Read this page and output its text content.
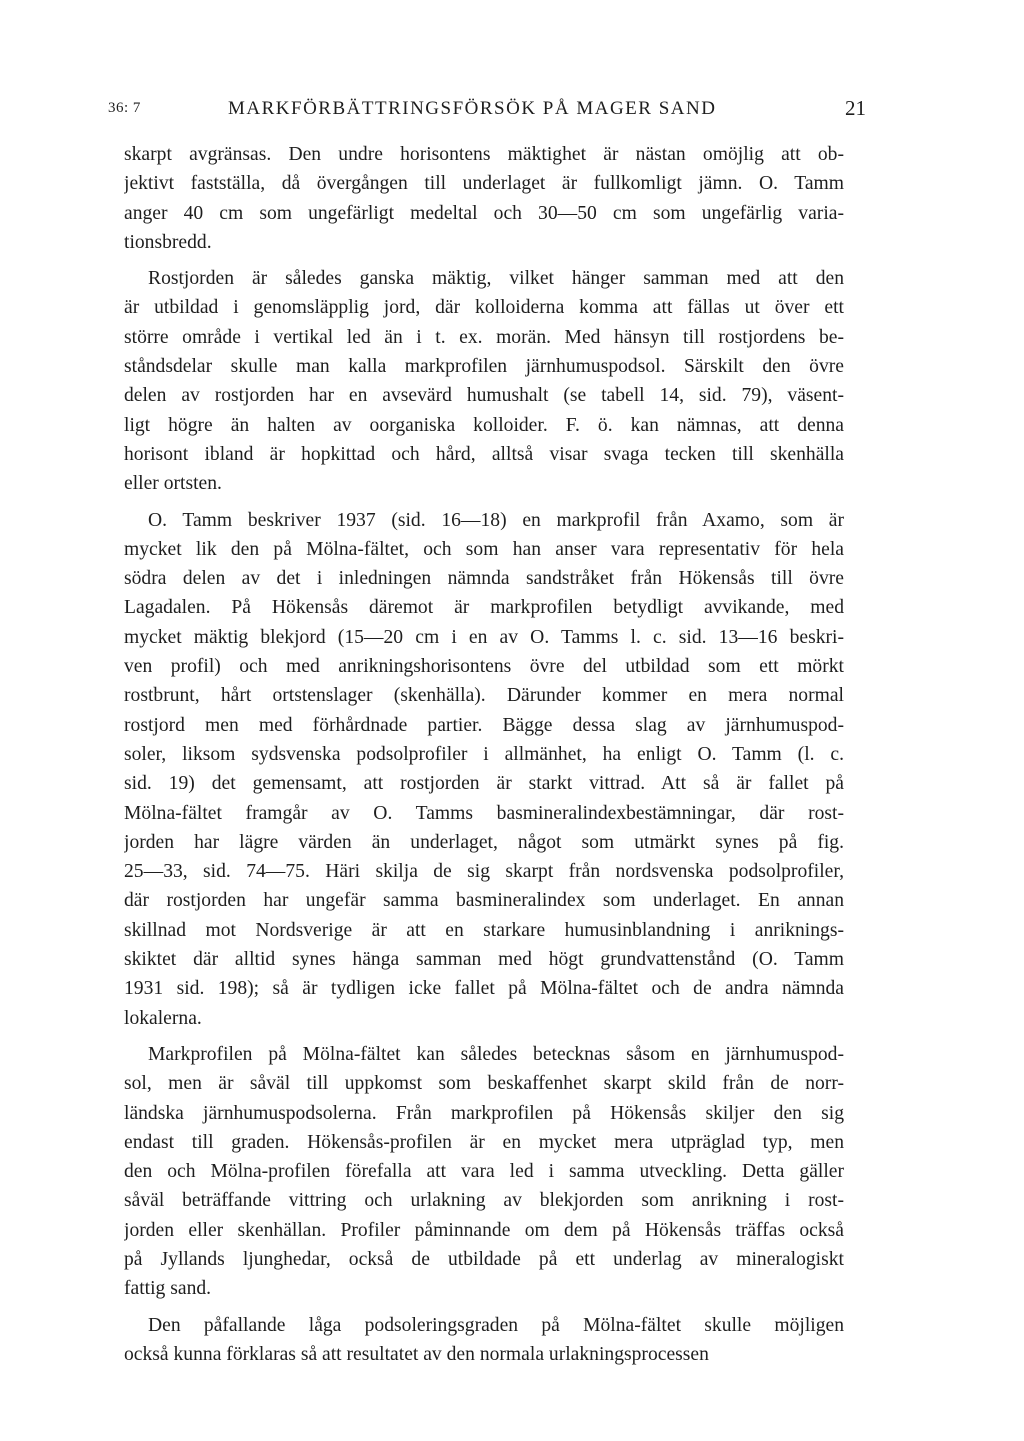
36: 7	MARKFÖRBÄTTRINGSFÖRSÖK PÅ MAGER SAND	21
skarpt avgränsas. Den undre horisontens mäktighet är nästan omöjlig att ob-
jektivt fastställa, då övergången till underlaget är fullkomligt jämn. O. Tamm
anger 40 cm som ungefärligt medeltal och 30—50 cm som ungefärlig varia-
tionsbredd.
Rostjorden är således ganska mäktig, vilket hänger samman med att den
är utbildad i genomsläpplig jord, där kolloiderna komma att fällas ut över ett
större område i vertikal led än i t. ex. morän. Med hänsyn till rostjordens be-
ståndsdelar skulle man kalla markprofilen järnhumuspodsol. Särskilt den övre
delen av rostjorden har en avsevärd humushalt (se tabell 14, sid. 79), väsent-
ligt högre än halten av oorganiska kolloider. F. ö. kan nämnas, att denna
horisont ibland är hopkittad och hård, alltså visar svaga tecken till skenhälla
eller ortsten.
O. Tamm beskriver 1937 (sid. 16—18) en markprofil från Axamo, som är
mycket lik den på Mölna-fältet, och som han anser vara representativ för hela
södra delen av det i inledningen nämnda sandstråket från Hökensås till övre
Lagadalen. På Hökensås däremot är markprofilen betydligt avvikande, med
mycket mäktig blekjord (15—20 cm i en av O. Tamms l. c. sid. 13—16 beskri-
ven profil) och med anrikningshorisontens övre del utbildad som ett mörkt
rostbrunt, hårt ortstenslager (skenhälla). Därunder kommer en mera normal
rostjord men med förhårdnade partier. Bägge dessa slag av järnhumuspod-
soler, liksom sydsvenska podsolprofiler i allmänhet, ha enligt O. Tamm (l. c.
sid. 19) det gemensamt, att rostjorden är starkt vittrad. Att så är fallet på
Mölna-fältet framgår av O. Tamms basmineralindexbestämningar, där rost-
jorden har lägre värden än underlaget, något som utmärkt synes på fig.
25—33, sid. 74—75. Häri skilja de sig skarpt från nordsvenska podsolprofiler,
där rostjorden har ungefär samma basmineralindex som underlaget. En annan
skillnad mot Nordsverige är att en starkare humusinblandning i anriknings-
skiktet där alltid synes hänga samman med högt grundvattenstånd (O. Tamm
1931 sid. 198); så är tydligen icke fallet på Mölna-fältet och de andra nämnda
lokalerna.
Markprofilen på Mölna-fältet kan således betecknas såsom en järnhumuspod-
sol, men är såväl till uppkomst som beskaffenhet skarpt skild från de norr-
ländska järnhumuspodsolerna. Från markprofilen på Hökensås skiljer den sig
endast till graden. Hökensås-profilen är en mycket mera utpräglad typ, men
den och Mölna-profilen förefalla att vara led i samma utveckling. Detta gäller
såväl beträffande vittring och urlakning av blekjorden som anrikning i rost-
jorden eller skenhällan. Profiler påminnande om dem på Hökensås träffas också
på Jyllands ljunghedar, också de utbildade på ett underlag av mineralogiskt
fattig sand.
Den påfallande låga podsoleringsgraden på Mölna-fältet skulle möjligen
också kunna förklaras så att resultatet av den normala urlakningsprocessen
